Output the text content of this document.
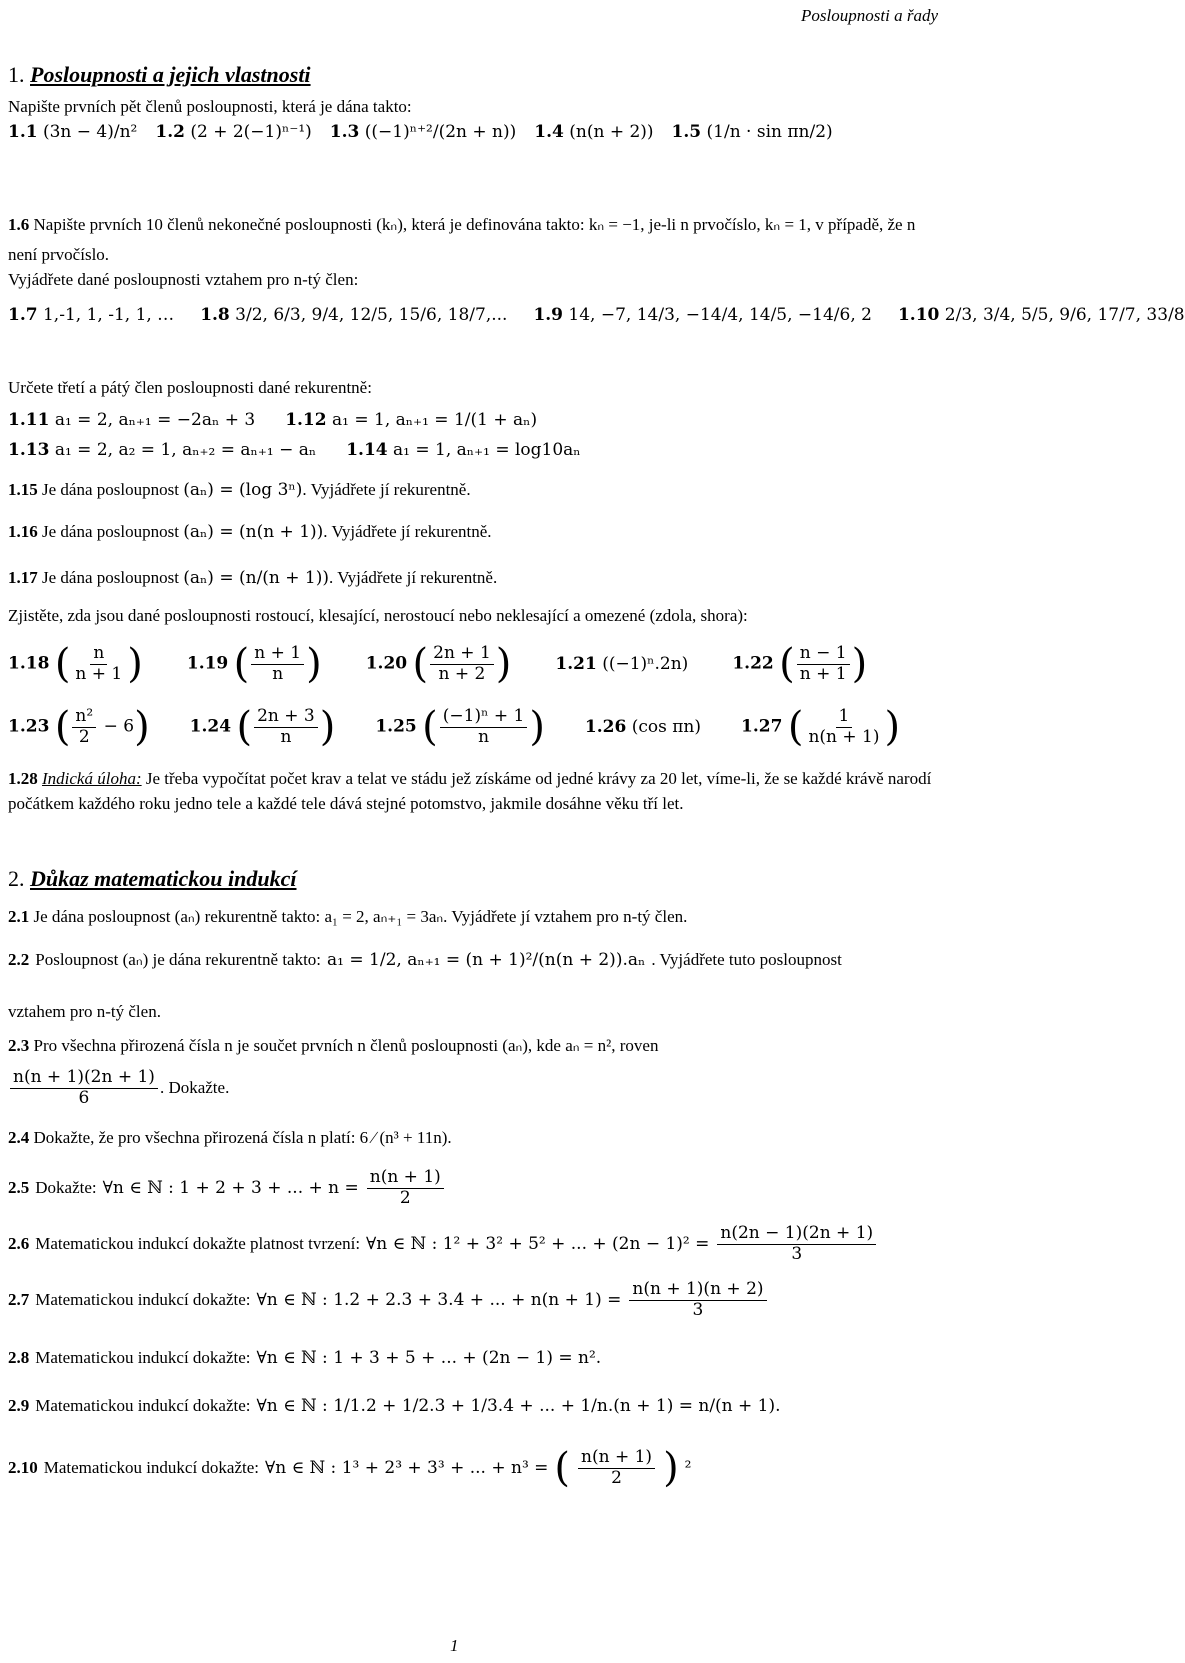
Posloupnosti a řady
1. Posloupnosti a jejich vlastnosti
Napište prvních pět členů posloupnosti, která je dána takto:
1.1 (3n − 4)/n² 1.2 (2 + 2(−1)ⁿ⁻¹) 1.3 ((−1)ⁿ⁺²/(2n + n)) 1.4 (n(n + 2)) 1.5 (1/n · sin πn/2)
1.6 Napište prvních 10 členů nekonečné posloupnosti (kₙ), která je definována takto: kₙ = −1, je-li n prvočíslo, kₙ = 1, v případě, že n není prvočíslo.
Vyjádřete dané posloupnosti vztahem pro n-tý člen:
1.7 1,-1, 1, -1, 1, … 1.8 3/2, 6/3, 9/4, 12/5, 15/6, 18/7,... 1.9 14, −7, 14/3, −14/4, 14/5, −14/6, 2 1.10 2/3, 3/4, 5/5, 9/6, 17/7, 33/8
Určete třetí a pátý člen posloupnosti dané rekurentně:
1.11 a₁ = 2, aₙ₊₁ = −2aₙ + 3 1.12 a₁ = 1, aₙ₊₁ = 1/(1 + aₙ)
1.13 a₁ = 2, a₂ = 1, aₙ₊₂ = aₙ₊₁ − aₙ 1.14 a₁ = 1, aₙ₊₁ = log10aₙ
1.15 Je dána posloupnost (aₙ) = (log 3ⁿ). Vyjádřete jí rekurentně.
1.16 Je dána posloupnost (aₙ) = (n(n + 1)). Vyjádřete jí rekurentně.
1.17 Je dána posloupnost (aₙ) = (n/(n + 1)). Vyjádřete jí rekurentně.
Zjistěte, zda jsou dané posloupnosti rostoucí, klesající, nerostoucí nebo neklesající a omezené (zdola, shora):
1.18 ( $\frac{n}{n + 1}$ )	1.19 ( $\frac{n + 1}{n}$ )	1.20 ( $\frac{2n + 1}{n + 2}$ )	1.21 ((−1)ⁿ.2n)	1.22 ( $\frac{n - 1}{n + 1}$ )
1.23 ( $\frac{\text{n²}}{2} - 6$) 1.24 ( $\frac{2n + 3}{n}$ ) 1.25 ( $\frac{\text{(−1)ⁿ + 1}}{n}$ ) 1.26 (cos πn) 1.27 ( $\frac{1}{n(n + 1)}$ )
1.28 Indická úloha: Je třeba vypočítat počet krav a telat ve stádu jež získáme od jedné krávy za 20 let, víme-li, že se každé krávě narodí počátkem každého roku jedno tele a každé tele dává stejné potomstvo, jakmile dosáhne věku tří let.
2. Důkaz matematickou indukcí
2.1 Je dána posloupnost (aₙ) rekurentně takto: a₁ = 2, aₙ₊₁ = 3aₙ. Vyjádřete jí vztahem pro n-tý člen.
2.2 Posloupnost (aₙ) je dána rekurentně takto: a₁ = 1/2, aₙ₊₁ = (n + 1)²/(n(n + 2)).aₙ . Vyjádřete tuto posloupnost
vztahem pro n-tý člen.
2.3 Pro všechna přirozená čísla n je součet prvních n členů posloupnosti (aₙ), kde aₙ = n², roven
$\frac{n(n + 1)(2n + 1)}{6}$ . Dokažte.
2.4 Dokažte, že pro všechna přirozená čísla n platí: 6 ∕ (n³ + 11n).
2.5 Dokažte: ∀n ∈ ℕ : 1 + 2 + 3 + ... + $n = \frac{n(n + 1)}{2}$
2.6 Matematickou indukcí dokažte platnost tvrzení: ∀n ∈ ℕ : 1² + 3² + 5² + ... + $(2n - 1)^2 = \frac{n(2n - 1)(2n + 1)}{3}$
2.7 Matematickou indukcí dokažte: ∀n ∈ ℕ : 1.2 + 2.3 + 3.4 + ... + $n(n + 1) = \frac{n(n + 1)(n + 2)}{3}$
2.8 Matematickou indukcí dokažte: ∀n ∈ ℕ : 1 + 3 + 5 + ... + (2n − 1) = n².
2.9 Matematickou indukcí dokažte: ∀n ∈ ℕ : 1/1.2 + 1/2.3 + 1/3.4 + ... + 1/n.(n + 1) = n/(n + 1).
2.10 Matematickou indukcí dokažte: ∀n ∈ ℕ : 1³ + 2³ + 3³ + ... + n³ = ( $\frac{n(n + 1)}{2}$ ) ²
1
